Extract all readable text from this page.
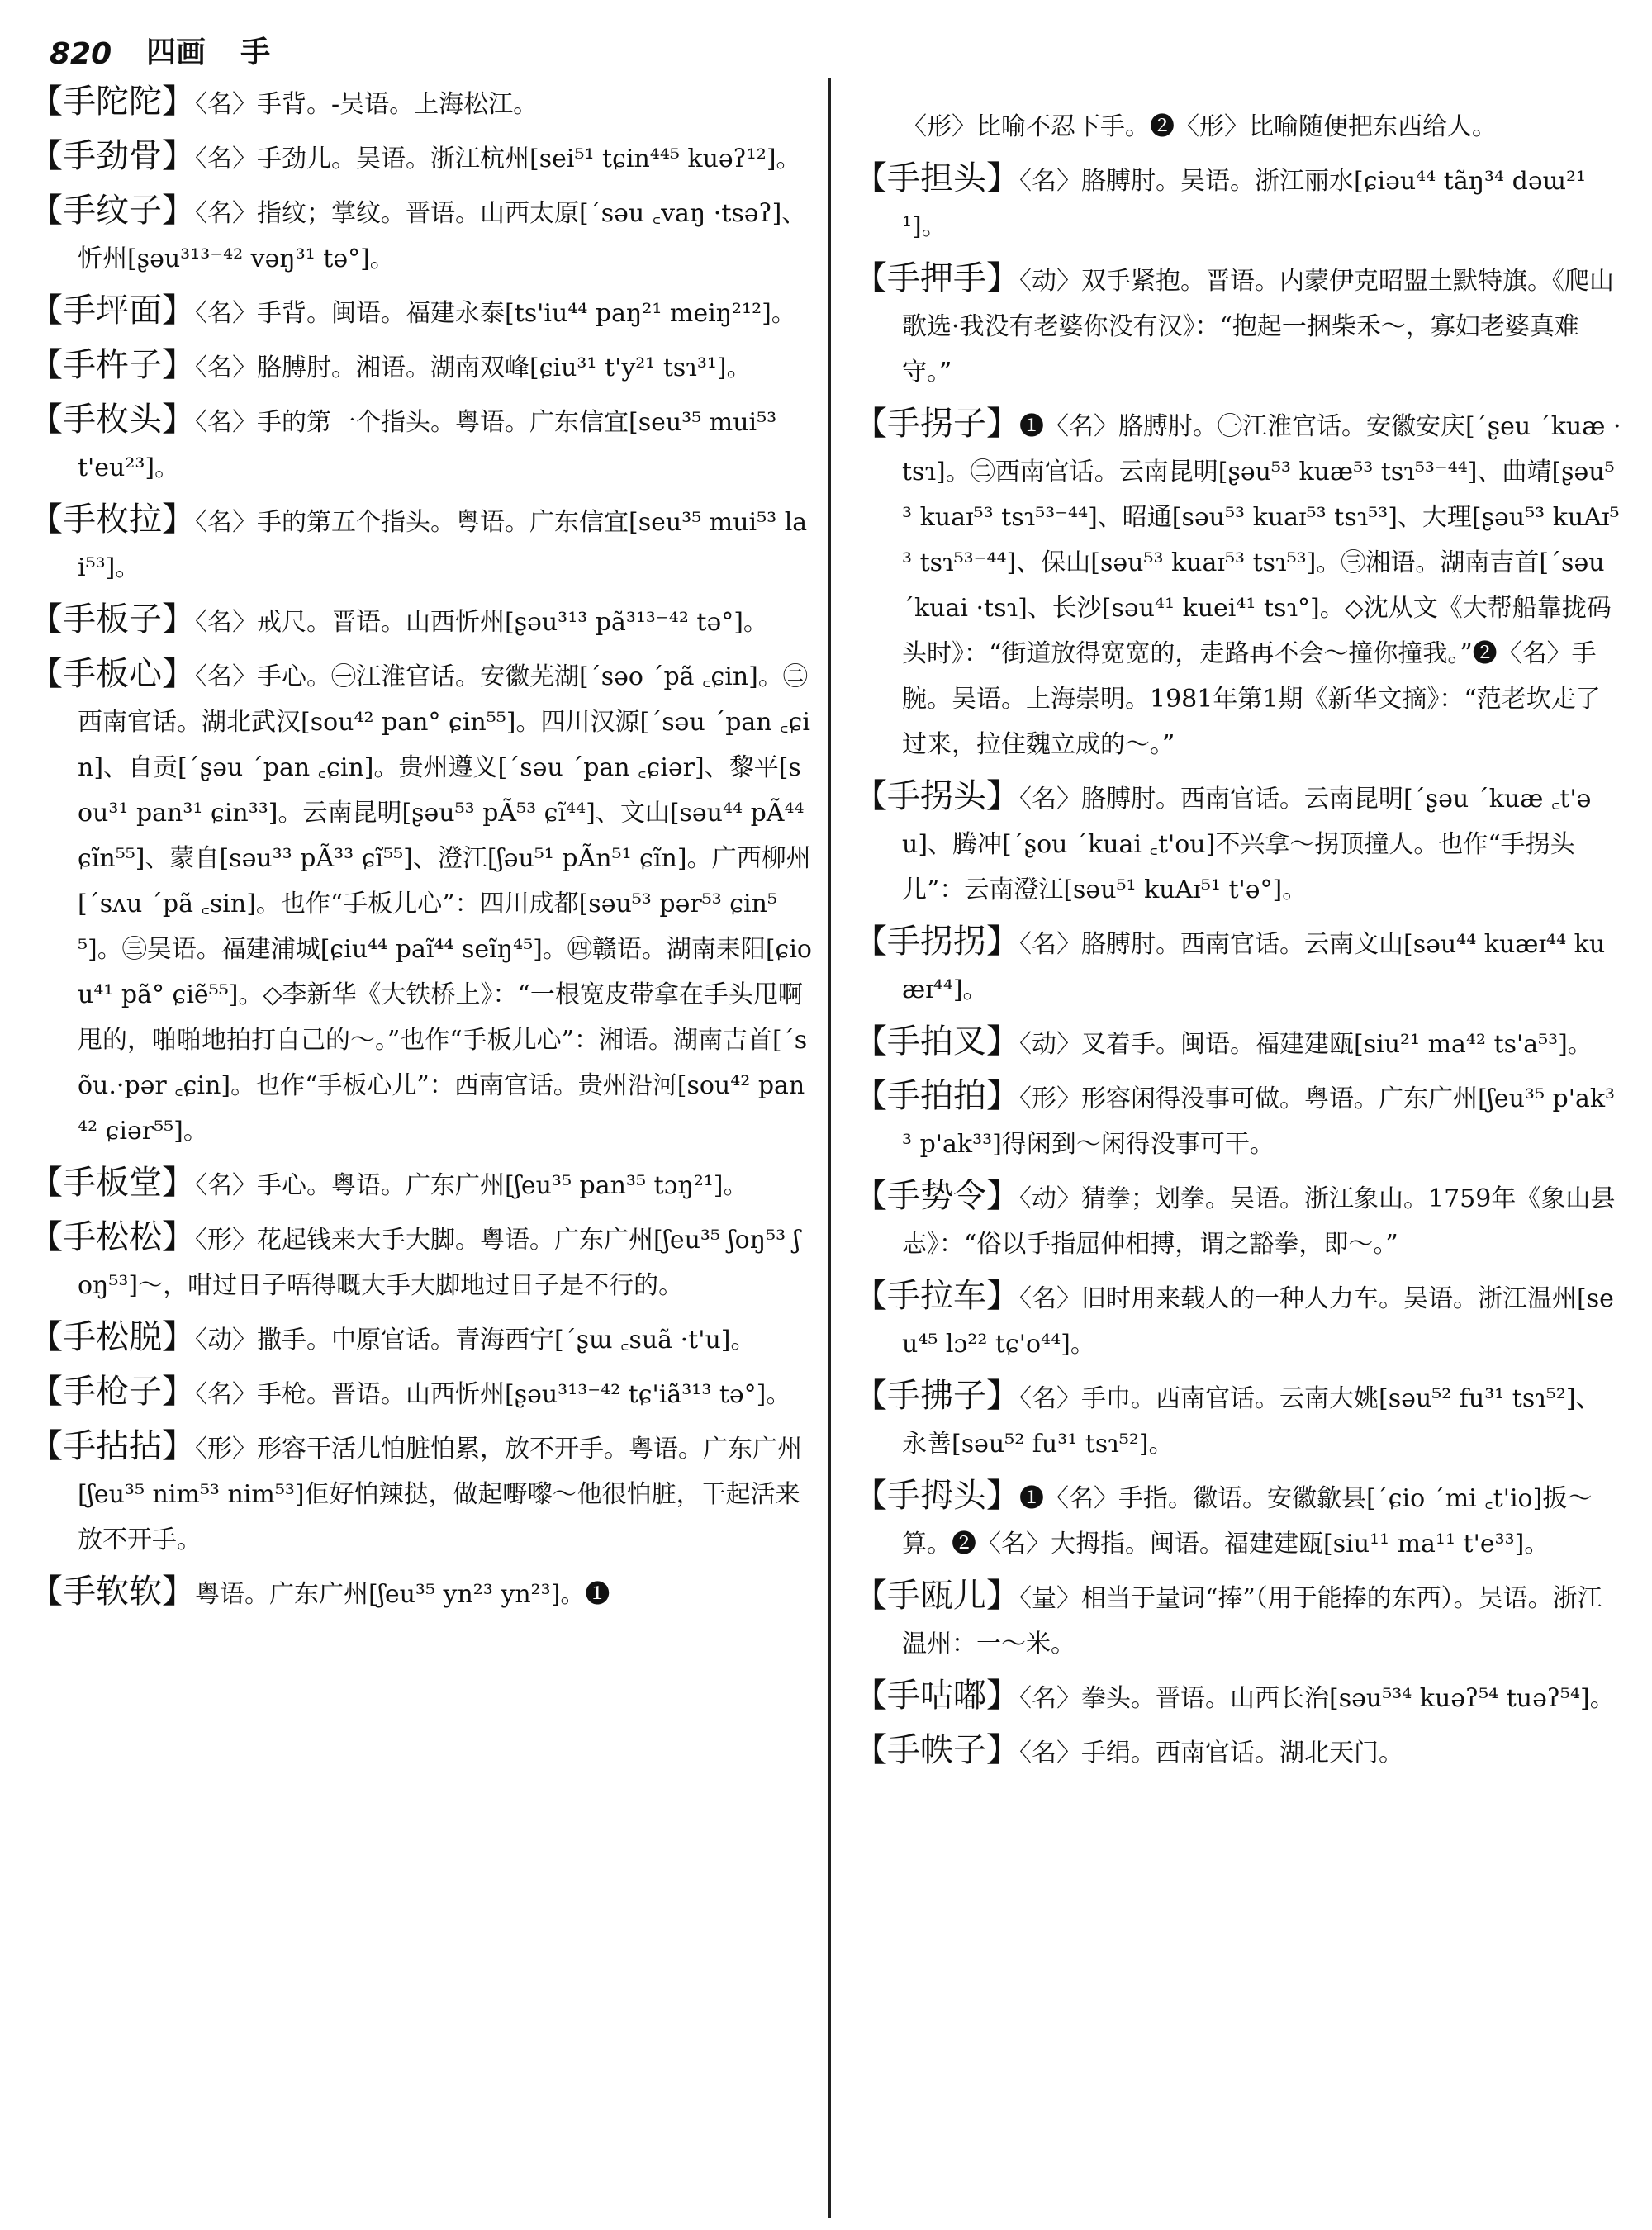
820 四画 手

【手陀陀】〈名〉手背。-吴语。上海松江。

【手劲骨】〈名〉手劲儿。吴语。浙江杭州[sei⁵¹ tɕin⁴⁴⁵ kuəʔ¹²]。

【手纹子】〈名〉指纹；掌纹。晋语。山西太原[ˊsəu ꜀vaŋ ·tsəʔ]、忻州[ʂəu³¹³⁻⁴² vəŋ³¹ tə°]。

【手坪面】〈名〉手背。闽语。福建永泰[ts'iu⁴⁴ paŋ²¹ meiŋ²¹²]。

【手杵子】〈名〉胳膊肘。湘语。湖南双峰[ɕiu³¹ t'y²¹ tsɿ³¹]。

【手枚头】〈名〉手的第一个指头。粤语。广东信宜[seu³⁵ mui⁵³ t'eu²³]。

【手枚拉】〈名〉手的第五个指头。粤语。广东信宜[seu³⁵ mui⁵³ lai⁵³]。

【手板子】〈名〉戒尺。晋语。山西忻州[ʂəu³¹³ pã³¹³⁻⁴² tə°]。

【手板心】〈名〉手心。㊀江淮官话。安徽芜湖[ˊsəo ˊpã ꜀ɕin]。㊁西南官话。湖北武汉[sou⁴² pan° ɕin⁵⁵]。四川汉源[ˊsəu ˊpan ꜀ɕin]、自贡[ˊʂəu ˊpan ꜀ɕin]。贵州遵义[ˊsəu ˊpan ꜀ɕiər]、黎平[sou³¹ pan³¹ ɕin³³]。云南昆明[ʂəu⁵³ pÃ⁵³ ɕĩ⁴⁴]、文山[səu⁴⁴ pÃ⁴⁴ ɕĩn⁵⁵]、蒙自[səu³³ pÃ³³ ɕĩ⁵⁵]、澄江[ʃəu⁵¹ pÃn⁵¹ ɕĩn]。广西柳州[ˊsʌu ˊpã ꜀sin]。也作“手板儿心”：四川成都[səu⁵³ pər⁵³ ɕin⁵⁵]。㊂吴语。福建浦城[ɕiu⁴⁴ paĩ⁴⁴ seĩŋ⁴⁵]。㊃赣语。湖南耒阳[ɕiou⁴¹ pã° ɕiẽ⁵⁵]。◇李新华《大铁桥上》：“一根宽皮带拿在手头甩啊甩的，啪啪地拍打自己的～。”也作“手板儿心”：湘语。湖南吉首[ˊsõu.·pər ꜀ɕin]。也作“手板心儿”：西南官话。贵州沿河[sou⁴² pan⁴² ɕiər⁵⁵]。

【手板堂】〈名〉手心。粤语。广东广州[ʃeu³⁵ pan³⁵ tɔŋ²¹]。

【手松松】〈形〉花起钱来大手大脚。粤语。广东广州[ʃeu³⁵ ʃoŋ⁵³ ʃoŋ⁵³]～，咁过日子唔得嘅大手大脚地过日子是不行的。

【手松脱】〈动〉撒手。中原官话。青海西宁[ˊʂɯ ꜀suã ·t'u]。

【手枪子】〈名〉手枪。晋语。山西忻州[ʂəu³¹³⁻⁴² tɕ'iã³¹³ tə°]。

【手拈拈】〈形〉形容干活儿怕脏怕累，放不开手。粤语。广东广州[ʃeu³⁵ nim⁵³ nim⁵³]佢好怕辣挞，做起嘢嚟～他很怕脏，干起活来放不开手。

【手软软】粤语。广东广州[ʃeu³⁵ yn²³ yn²³]。❶

〈形〉比喻不忍下手。❷〈形〉比喻随便把东西给人。

【手担头】〈名〉胳膊肘。吴语。浙江丽水[ɕiəu⁴⁴ tãŋ³⁴ dəɯ²¹¹]。

【手押手】〈动〉双手紧抱。晋语。内蒙伊克昭盟土默特旗。《爬山歌选·我没有老婆你没有汉》：“抱起一捆柴禾～，寡妇老婆真难守。”

【手拐子】❶〈名〉胳膊肘。㊀江淮官话。安徽安庆[ˊʂeu ˊkuæ ·tsɿ]。㊁西南官话。云南昆明[ʂəu⁵³ kuæ⁵³ tsɿ⁵³⁻⁴⁴]、曲靖[ʂəu⁵³ kuaɪ⁵³ tsɿ⁵³⁻⁴⁴]、昭通[səu⁵³ kuaɪ⁵³ tsɿ⁵³]、大理[ʂəu⁵³ kuAɪ⁵³ tsɿ⁵³⁻⁴⁴]、保山[səu⁵³ kuaɪ⁵³ tsɿ⁵³]。㊂湘语。湖南吉首[ˊsəu ˊkuai ·tsɿ]、长沙[səu⁴¹ kuei⁴¹ tsɿ°]。◇沈从文《大帮船靠拢码头时》：“街道放得宽宽的，走路再不会～撞你撞我。”❷〈名〉手腕。吴语。上海崇明。1981年第1期《新华文摘》：“范老坎走了过来，拉住魏立成的～。”

【手拐头】〈名〉胳膊肘。西南官话。云南昆明[ˊʂəu ˊkuæ ꜀t'əu]、腾冲[ˊʂou ˊkuai ꜀t'ou]不兴拿～拐顶撞人。也作“手拐头儿”：云南澄江[səu⁵¹ kuAɪ⁵¹ t'ə°]。

【手拐拐】〈名〉胳膊肘。西南官话。云南文山[səu⁴⁴ kuæɪ⁴⁴ kuæɪ⁴⁴]。

【手拍叉】〈动〉叉着手。闽语。福建建瓯[siu²¹ ma⁴² ts'a⁵³]。

【手拍拍】〈形〉形容闲得没事可做。粤语。广东广州[ʃeu³⁵ p'ak³³ p'ak³³]得闲到～闲得没事可干。

【手势令】〈动〉猜拳；划拳。吴语。浙江象山。1759年《象山县志》：“俗以手指屈伸相搏，谓之豁拳，即～。”

【手拉车】〈名〉旧时用来载人的一种人力车。吴语。浙江温州[seu⁴⁵ lɔ²² tɕ'o⁴⁴]。

【手拂子】〈名〉手巾。西南官话。云南大姚[səu⁵² fu³¹ tsɿ⁵²]、永善[səu⁵² fu³¹ tsɿ⁵²]。

【手拇头】❶〈名〉手指。徽语。安徽歙县[ˊɕio ˊmi ꜀t'io]扳～算。❷〈名〉大拇指。闽语。福建建瓯[siu¹¹ ma¹¹ t'e³³]。

【手瓯儿】〈量〉相当于量词“捧”（用于能捧的东西）。吴语。浙江温州：一～米。

【手咕嘟】〈名〉拳头。晋语。山西长治[səu⁵³⁴ kuəʔ⁵⁴ tuəʔ⁵⁴]。

【手帙子】〈名〉手绢。西南官话。湖北天门。
